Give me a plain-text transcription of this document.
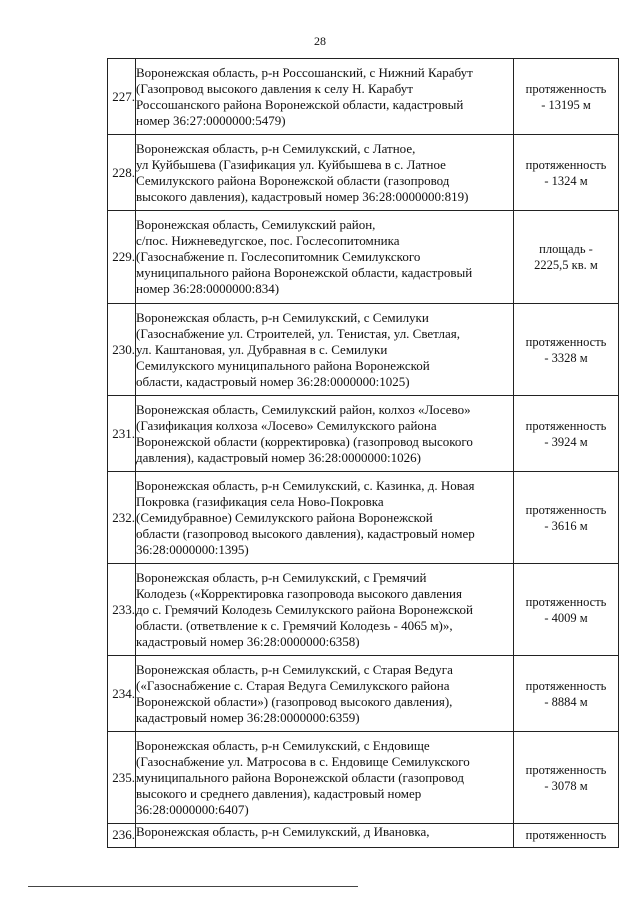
28
227.	Воронежская область, р-н Россошанский, с Нижний Карабут
(Газопровод высокого давления к селу Н. Карабут
Россошанского района Воронежской области, кадастровый
номер 36:27:0000000:5479)	протяженность
- 13195 м
228.	Воронежская область, р-н Семилукский, с Латное,
ул Куйбышева (Газификация ул. Куйбышева в с. Латное
Семилукского района Воронежской области (газопровод
высокого давления), кадастровый номер 36:28:0000000:819)	протяженность
- 1324 м
229.	Воронежская область, Семилукский район,
с/пос. Нижневедугское, пос. Гослесопитомника
(Газоснабжение п. Гослесопитомник Семилукского
муниципального района Воронежской области, кадастровый
номер 36:28:0000000:834)	площадь -
2225,5 кв. м
230.	Воронежская область, р-н Семилукский, с Семилуки
(Газоснабжение ул. Строителей, ул. Тенистая, ул. Светлая,
ул. Каштановая, ул. Дубравная в с. Семилуки
Семилукского муниципального района Воронежской
области, кадастровый номер 36:28:0000000:1025)	протяженность
- 3328 м
231.	Воронежская область, Семилукский район, колхоз «Лосево»
(Газификация колхоза «Лосево» Семилукского района
Воронежской области (корректировка) (газопровод высокого
давления), кадастровый номер 36:28:0000000:1026)	протяженность
- 3924 м
232.	Воронежская область, р-н Семилукский, с. Казинка, д. Новая
Покровка (газификация села Ново-Покровка
(Семидубравное) Семилукского района Воронежской
области (газопровод высокого давления), кадастровый номер
36:28:0000000:1395)	протяженность
- 3616 м
233.	Воронежская область, р-н Семилукский, с Гремячий
Колодезь («Корректировка газопровода высокого давления
до с. Гремячий Колодезь Семилукского района Воронежской
области. (ответвление к с. Гремячий Колодезь - 4065 м)»,
кадастровый номер 36:28:0000000:6358)	протяженность
- 4009 м
234.	Воронежская область, р-н Семилукский, с Старая Ведуга
(«Газоснабжение с. Старая Ведуга Семилукского района
Воронежской области») (газопровод высокого давления),
кадастровый номер 36:28:0000000:6359)	протяженность
- 8884 м
235.	Воронежская область, р-н Семилукский, с Ендовище
(Газоснабжение ул. Матросова в с. Ендовище Семилукского
муниципального района Воронежской области (газопровод
высокого и среднего давления), кадастровый номер
36:28:0000000:6407)	протяженность
- 3078 м
236.	Воронежская область, р-н Семилукский, д Ивановка,	протяженность
